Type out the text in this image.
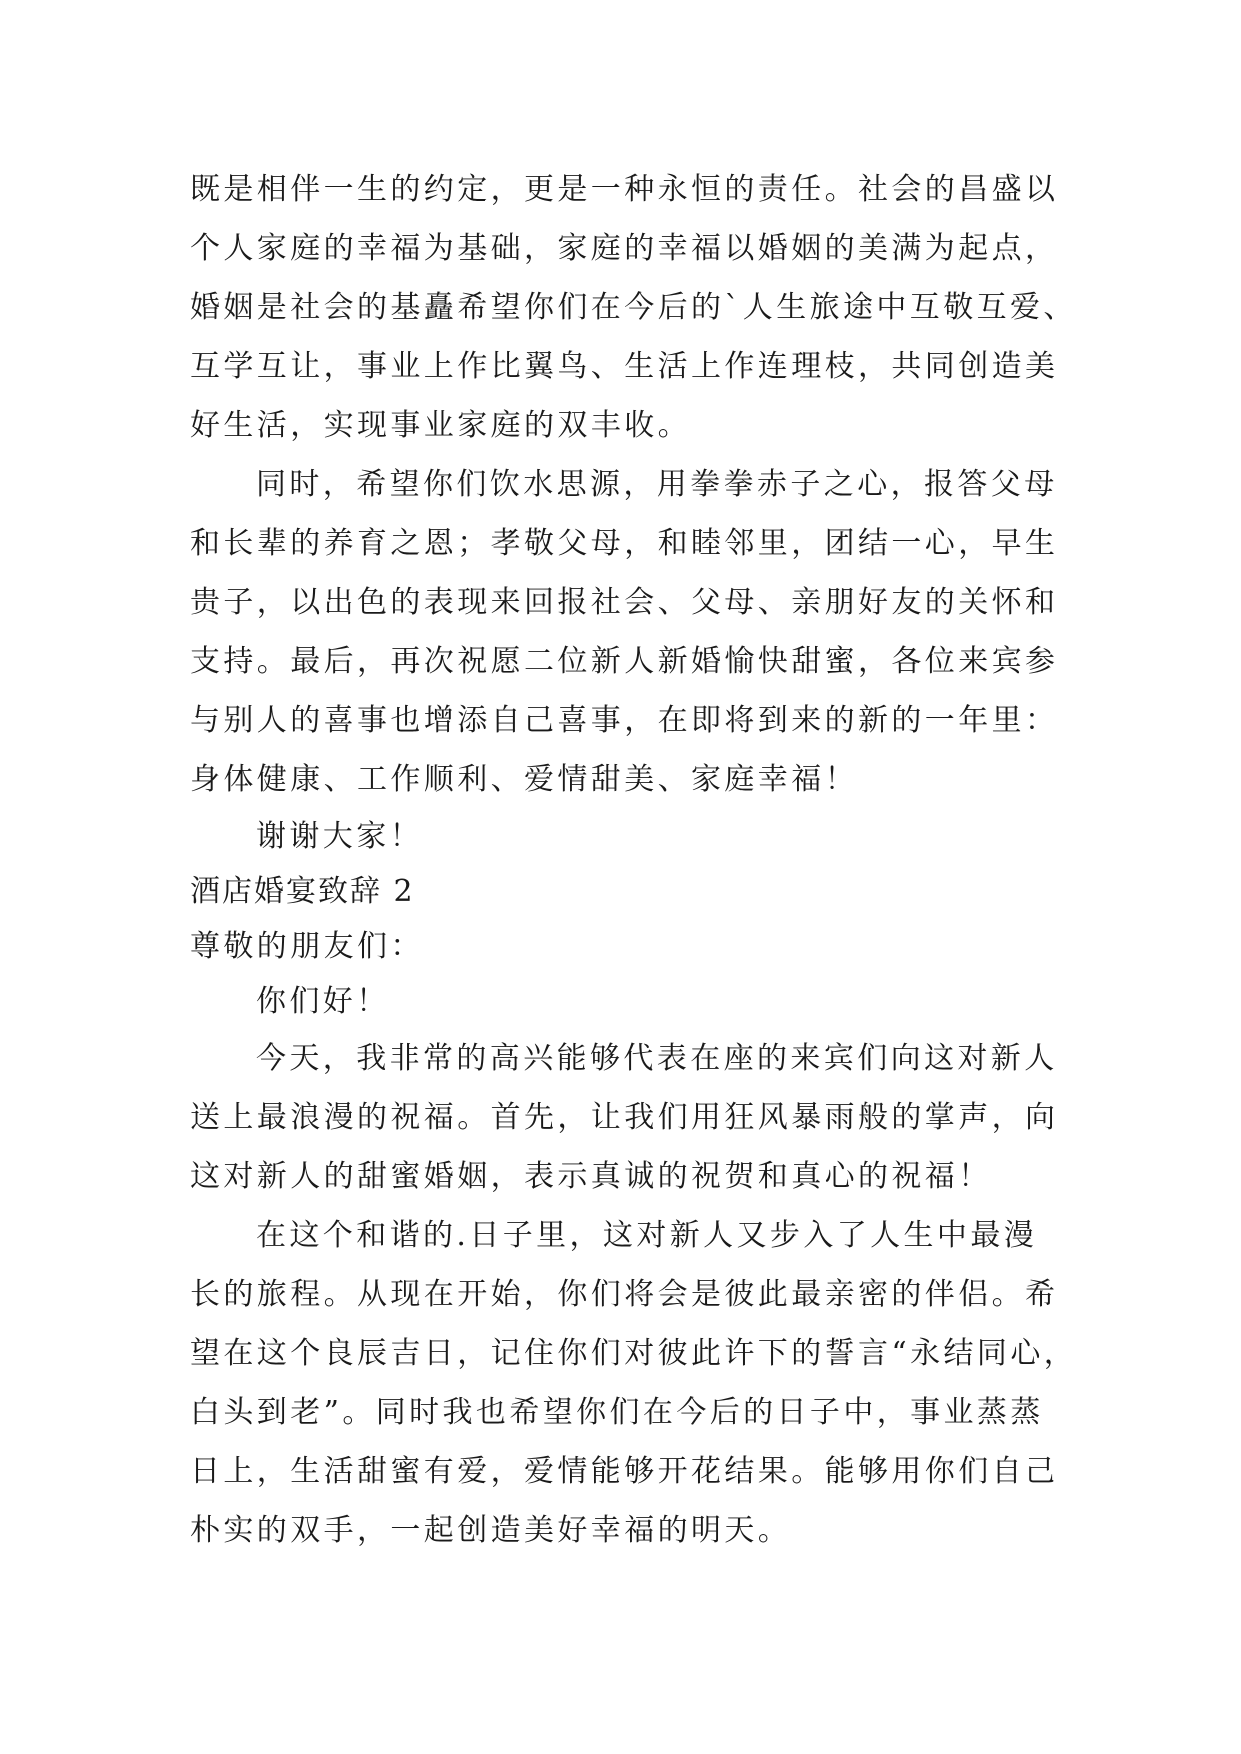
既是相伴一生的约定，更是一种永恒的责任。社会的昌盛以
个人家庭的幸福为基础，家庭的幸福以婚姻的美满为起点，
婚姻是社会的基矗希望你们在今后的`人生旅途中互敬互爱、
互学互让，事业上作比翼鸟、生活上作连理枝，共同创造美
好生活，实现事业家庭的双丰收。
同时，希望你们饮水思源，用拳拳赤子之心，报答父母
和长辈的养育之恩；孝敬父母，和睦邻里，团结一心，早生
贵子，以出色的表现来回报社会、父母、亲朋好友的关怀和
支持。最后，再次祝愿二位新人新婚愉快甜蜜，各位来宾参
与别人的喜事也增添自己喜事，在即将到来的新的一年里：
身体健康、工作顺利、爱情甜美、家庭幸福！
谢谢大家！
酒店婚宴致辞 2
尊敬的朋友们：
你们好！
今天，我非常的高兴能够代表在座的来宾们向这对新人
送上最浪漫的祝福。首先，让我们用狂风暴雨般的掌声，向
这对新人的甜蜜婚姻，表示真诚的祝贺和真心的祝福！
在这个和谐的.日子里，这对新人又步入了人生中最漫
长的旅程。从现在开始，你们将会是彼此最亲密的伴侣。希
望在这个良辰吉日，记住你们对彼此许下的誓言“永结同心，
白头到老”。同时我也希望你们在今后的日子中，事业蒸蒸
日上，生活甜蜜有爱，爱情能够开花结果。能够用你们自己
朴实的双手，一起创造美好幸福的明天。
